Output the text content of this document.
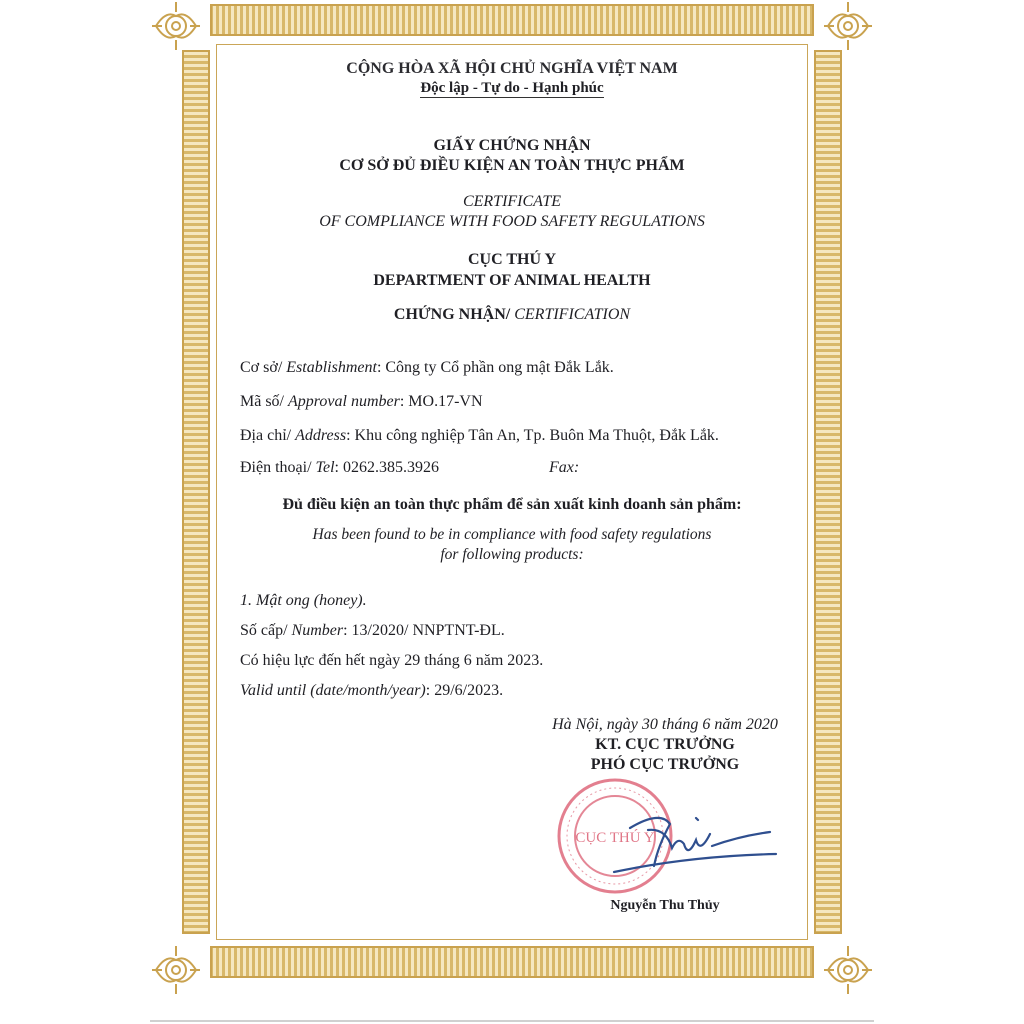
CỘNG HÒA XÃ HỘI CHỦ NGHĨA VIỆT NAM
Độc lập - Tự do - Hạnh phúc
GIẤY CHỨNG NHẬN
CƠ SỞ ĐỦ ĐIỀU KIỆN AN TOÀN THỰC PHẨM
CERTIFICATE
OF COMPLIANCE WITH FOOD SAFETY REGULATIONS
CỤC THÚ Y
DEPARTMENT OF ANIMAL HEALTH
CHỨNG NHẬN/ CERTIFICATION
Cơ sở/ Establishment: Công ty Cổ phần ong mật Đắk Lắk.
Mã số/ Approval number: MO.17-VN
Địa chỉ/ Address: Khu công nghiệp Tân An, Tp. Buôn Ma Thuột, Đắk Lắk.
Điện thoại/ Tel: 0262.385.3926	Fax:
Đủ điều kiện an toàn thực phẩm để sản xuất kinh doanh sản phẩm:
Has been found to be in compliance with food safety regulations
for following products:
1. Mật ong (honey).
Số cấp/ Number: 13/2020/ NNPTNT-ĐL.
Có hiệu lực đến hết ngày 29 tháng 6 năm 2023.
Valid until (date/month/year): 29/6/2023.
Hà Nội, ngày 30 tháng 6 năm 2020
KT. CỤC TRƯỞNG
PHÓ CỤC TRƯỞNG
CỤC THÚ Y
Nguyễn Thu Thủy
